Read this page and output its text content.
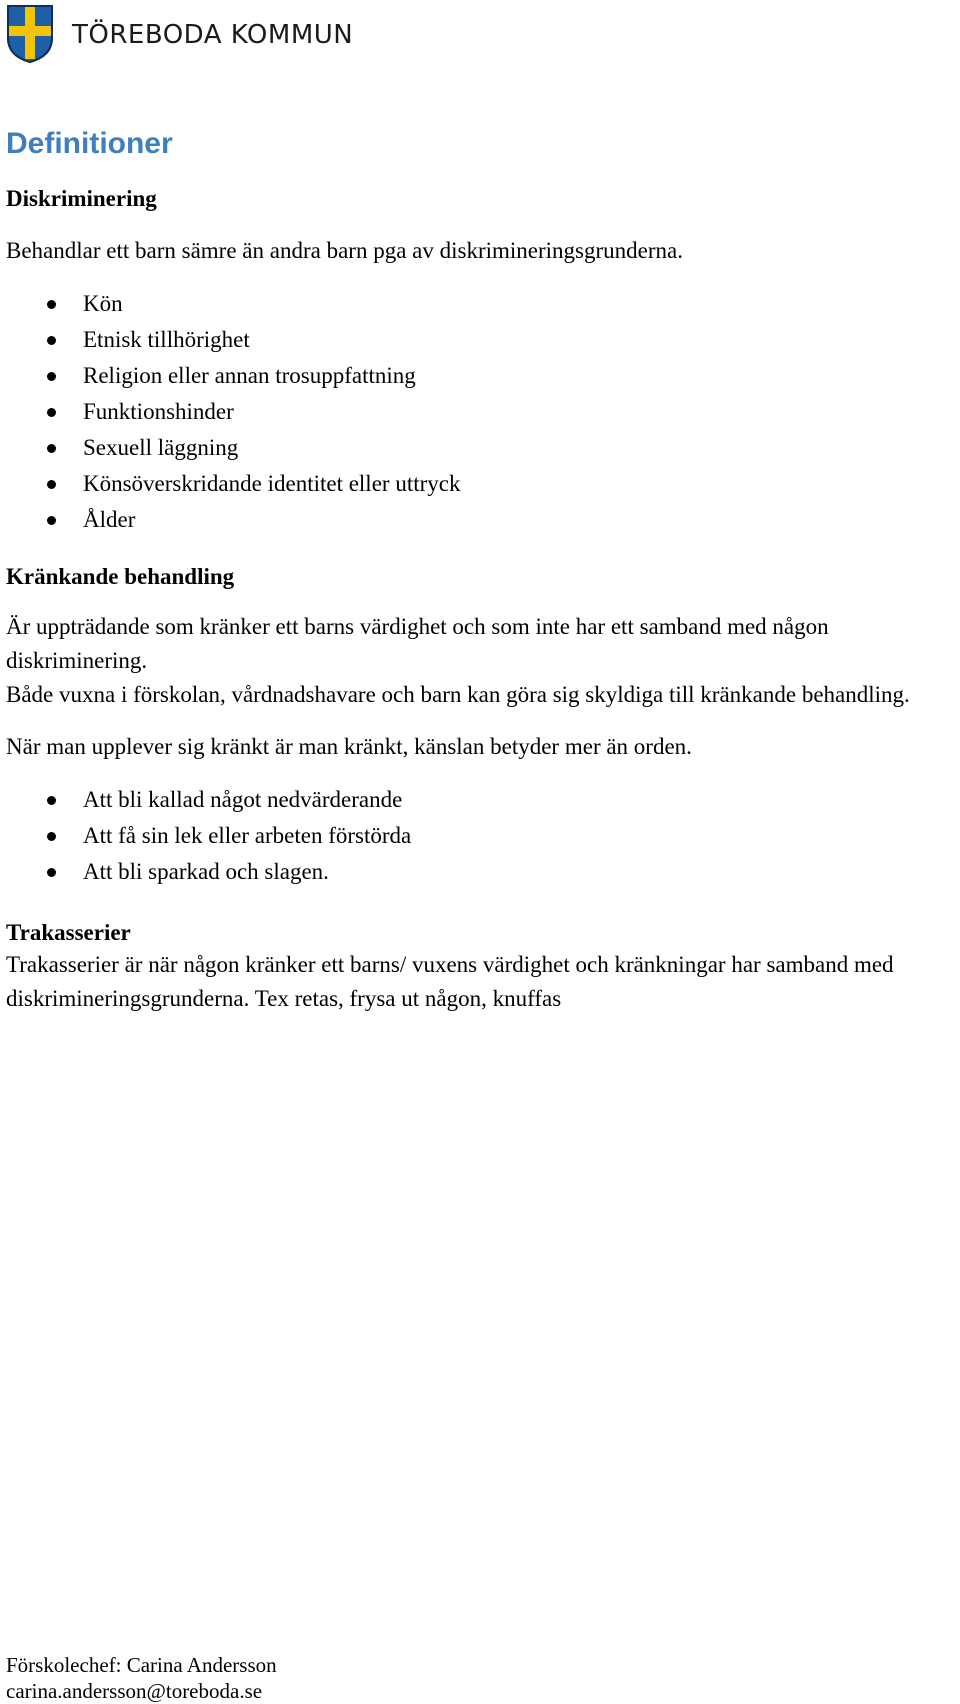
TÖREBODA KOMMUN
Definitioner
Diskriminering

Behandlar ett barn sämre än andra barn pga av diskrimineringsgrunderna.

Kön
Etnisk tillhörighet
Religion eller annan trosuppfattning
Funktionshinder
Sexuell läggning
Könsöverskridande identitet eller uttryck
Ålder
Kränkande behandling

Är uppträdande som kränker ett barns värdighet och som inte har ett samband med någon diskriminering.

Både vuxna i förskolan, vårdnadshavare och barn kan göra sig skyldiga till kränkande behandling.

När man upplever sig kränkt är man kränkt, känslan betyder mer än orden.

Att bli kallad något nedvärderande
Att få sin lek eller arbeten förstörda
Att bli sparkad och slagen.
Trakasserier

Trakasserier är när någon kränker ett barns/ vuxens värdighet och kränkningar har samband med diskrimineringsgrunderna. Tex retas, frysa ut någon, knuffas

Förskolechef: Carina Andersson
carina.andersson@toreboda.se
